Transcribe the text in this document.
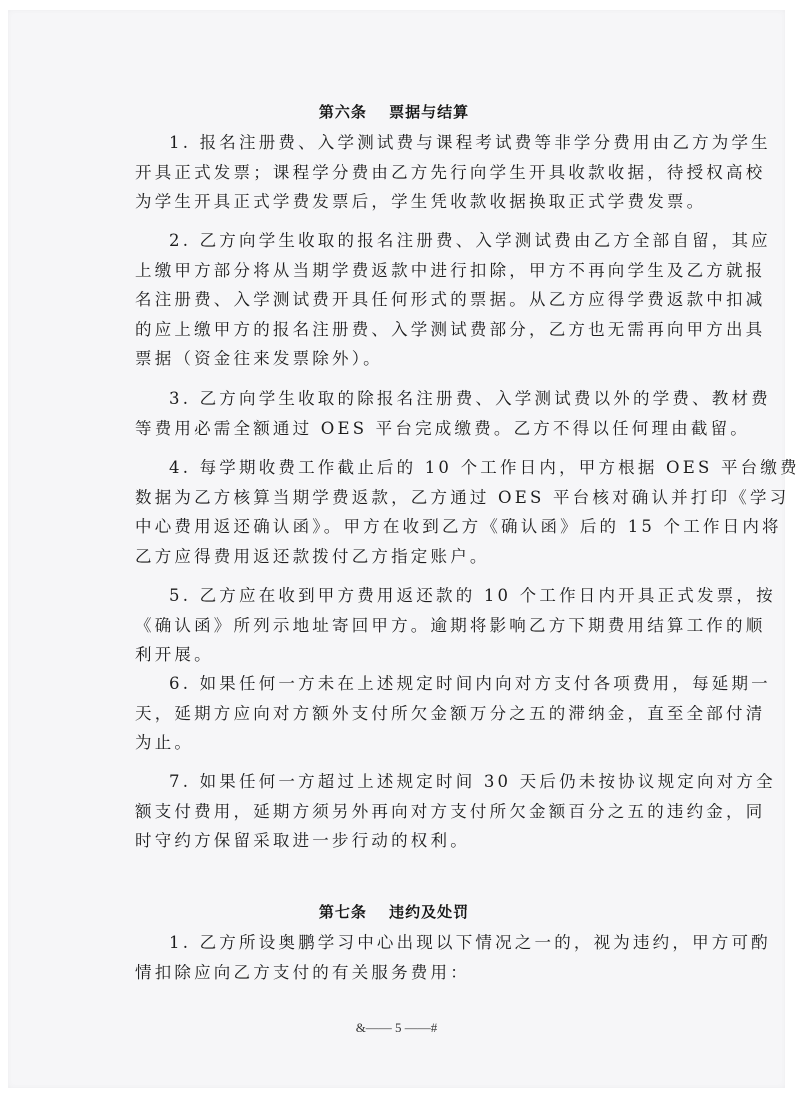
第六条　 票据与结算
1. 报名注册费、入学测试费与课程考试费等非学分费用由乙方为学生
开具正式发票；课程学分费由乙方先行向学生开具收款收据，待授权高校
为学生开具正式学费发票后，学生凭收款收据换取正式学费发票。
2. 乙方向学生收取的报名注册费、入学测试费由乙方全部自留，其应
上缴甲方部分将从当期学费返款中进行扣除，甲方不再向学生及乙方就报
名注册费、入学测试费开具任何形式的票据。从乙方应得学费返款中扣减
的应上缴甲方的报名注册费、入学测试费部分，乙方也无需再向甲方出具
票据（资金往来发票除外）。
3. 乙方向学生收取的除报名注册费、入学测试费以外的学费、教材费
等费用必需全额通过 OES 平台完成缴费。乙方不得以任何理由截留。
4. 每学期收费工作截止后的 10 个工作日内，甲方根据 OES 平台缴费
数据为乙方核算当期学费返款，乙方通过 OES 平台核对确认并打印《学习
中心费用返还确认函》。甲方在收到乙方《确认函》后的 15 个工作日内将
乙方应得费用返还款拨付乙方指定账户。
5. 乙方应在收到甲方费用返还款的 10 个工作日内开具正式发票，按
《确认函》所列示地址寄回甲方。逾期将影响乙方下期费用结算工作的顺
利开展。
6. 如果任何一方未在上述规定时间内向对方支付各项费用，每延期一
天，延期方应向对方额外支付所欠金额万分之五的滞纳金，直至全部付清
为止。
7. 如果任何一方超过上述规定时间 30 天后仍未按协议规定向对方全
额支付费用，延期方须另外再向对方支付所欠金额百分之五的违约金，同
时守约方保留采取进一步行动的权利。
第七条　 违约及处罚
1. 乙方所设奥鹏学习中心出现以下情况之一的，视为违约，甲方可酌
情扣除应向乙方支付的有关服务费用：
&—— 5 ——#
